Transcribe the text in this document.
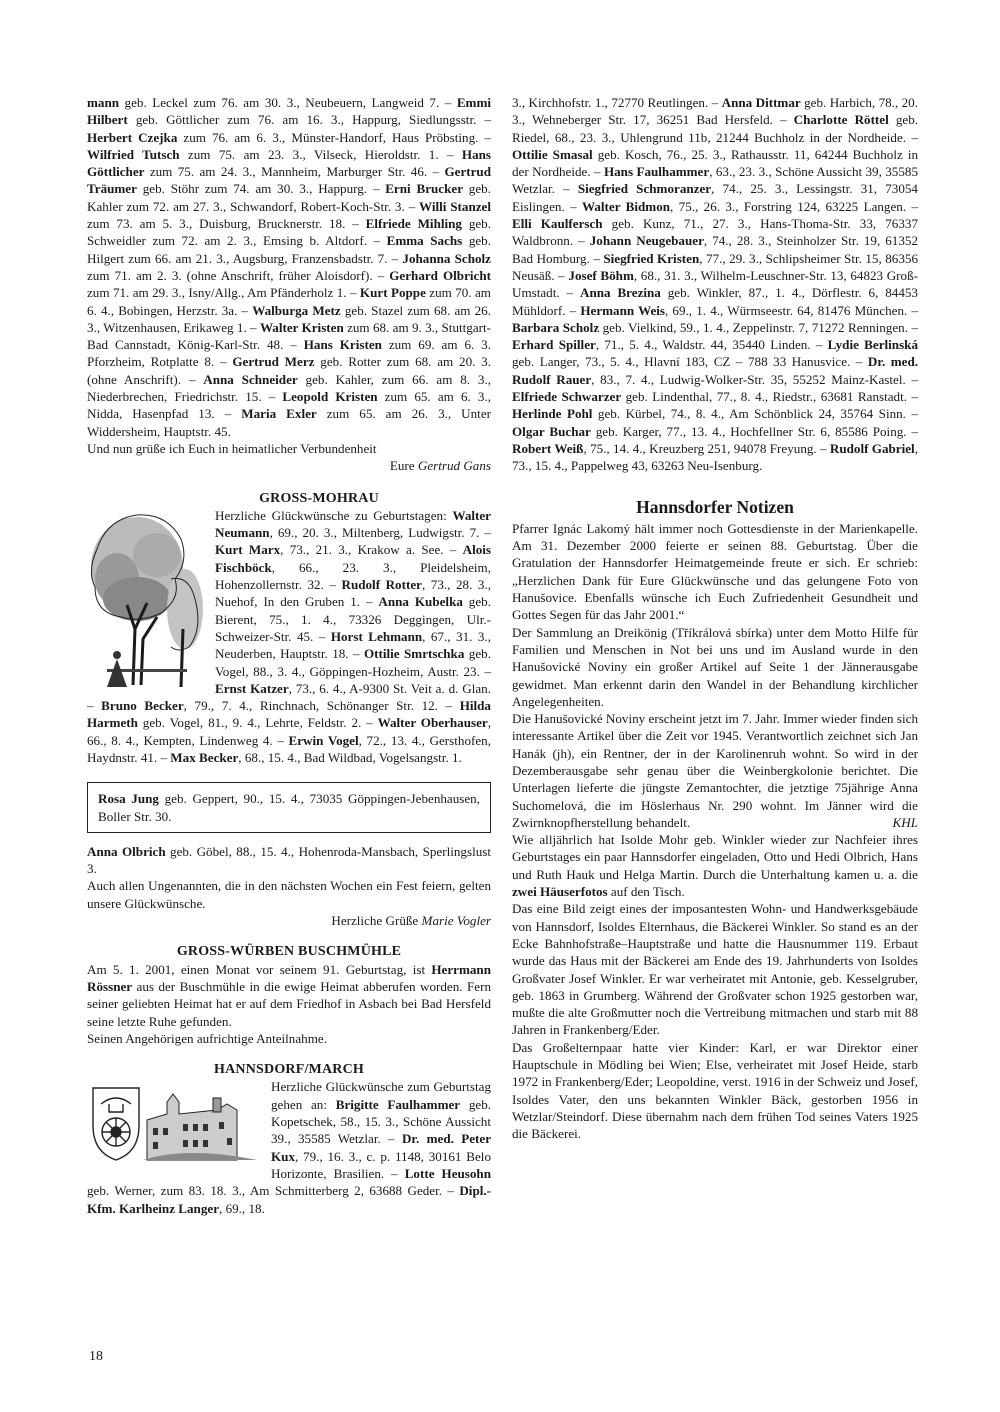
mann geb. Leckel zum 76. am 30. 3., Neubeuern, Langweid 7. – Emmi Hilbert geb. Göttlicher zum 76. am 16. 3., Happurg, Siedlungsstr. – Herbert Czejka zum 76. am 6. 3., Münster-Handorf, Haus Pröbsting. – Wilfried Tutsch zum 75. am 23. 3., Vilseck, Hieroldstr. 1. – Hans Göttlicher zum 75. am 24. 3., Mannheim, Marburger Str. 46. – Gertrud Träumer geb. Stöhr zum 74. am 30. 3., Happurg. – Erni Brucker geb. Kahler zum 72. am 27. 3., Schwandorf, Robert-Koch-Str. 3. – Willi Stanzel zum 73. am 5. 3., Duisburg, Brucknerstr. 18. – Elfriede Mihling geb. Schweidler zum 72. am 2. 3., Emsing b. Altdorf. – Emma Sachs geb. Hilgert zum 66. am 21. 3., Augsburg, Franzensbadstr. 7. – Johanna Scholz zum 71. am 2. 3. (ohne Anschrift, früher Aloisdorf). – Gerhard Olbricht zum 71. am 29. 3., Isny/Allg., Am Pfänderholz 1. – Kurt Poppe zum 70. am 6. 4., Bobingen, Herzstr. 3a. – Walburga Metz geb. Stazel zum 68. am 26. 3., Witzenhausen, Erikaweg 1. – Walter Kristen zum 68. am 9. 3., Stuttgart-Bad Cannstadt, König-Karl-Str. 48. – Hans Kristen zum 69. am 6. 3. Pforzheim, Rotplatte 8. – Gertrud Merz geb. Rotter zum 68. am 20. 3. (ohne Anschrift). – Anna Schneider geb. Kahler, zum 66. am 8. 3., Niederbrechen, Friedrichstr. 15. – Leopold Kristen zum 65. am 6. 3., Nidda, Hasenpfad 13. – Maria Exler zum 65. am 26. 3., Unter Widdersheim, Hauptstr. 45.

Und nun grüße ich Euch in heimatlicher Verbundenheit

Eure Gertrud Gans

GROSS-MOHRAU

Herzliche Glückwünsche zu Geburtstagen: Walter Neumann, 69., 20. 3., Miltenberg, Ludwigstr. 7. – Kurt Marx, 73., 21. 3., Krakow a. See. – Alois Fischböck, 66., 23. 3., Pleidelsheim, Hohenzollernstr. 32. – Rudolf Rotter, 73., 28. 3., Nuehof, In den Gruben 1. – Anna Kubelka geb. Bierent, 75., 1. 4., 73326 Deggingen, Ulr.-Schweizer-Str. 45. – Horst Lehmann, 67., 31. 3., Neuderben, Hauptstr. 18. – Ottilie Smrtschka geb. Vogel, 88., 3. 4., Göppingen-Hozheim, Austr. 23. – Ernst Katzer, 73., 6. 4., A-9300 St. Veit a. d. Glan. – Bruno Becker, 79., 7. 4., Rinchnach, Schönanger Str. 12. – Hilda Harmeth geb. Vogel, 81., 9. 4., Lehrte, Feldstr. 2. – Walter Oberhauser, 66., 8. 4., Kempten, Lindenweg 4. – Erwin Vogel, 72., 13. 4., Gersthofen, Haydnstr. 41. – Max Becker, 68., 15. 4., Bad Wildbad, Vogelsangstr. 1.

Rosa Jung geb. Geppert, 90., 15. 4., 73035 Göppingen-Jebenhausen, Boller Str. 30.

Anna Olbrich geb. Göbel, 88., 15. 4., Hohenroda-Mansbach, Sperlingslust 3.

Auch allen Ungenannten, die in den nächsten Wochen ein Fest feiern, gelten unsere Glückwünsche.

Herzliche Grüße Marie Vogler

GROSS-WÜRBEN BUSCHMÜHLE

Am 5. 1. 2001, einen Monat vor seinem 91. Geburtstag, ist Herrmann Rössner aus der Buschmühle in die ewige Heimat abberufen worden. Fern seiner geliebten Heimat hat er auf dem Friedhof in Asbach bei Bad Hersfeld seine letzte Ruhe gefunden.

Seinen Angehörigen aufrichtige Anteilnahme.

HANNSDORF/MARCH

Herzliche Glückwünsche zum Geburtstag gehen an: Brigitte Faulhammer geb. Kopetschek, 58., 15. 3., Schöne Aussicht 39., 35585 Wetzlar. – Dr. med. Peter Kux, 79., 16. 3., c. p. 1148, 30161 Belo Horizonte, Brasilien. – Lotte Heusohn geb. Werner, zum 83. 18. 3., Am Schmitterberg 2, 63688 Geder. – Dipl.-Kfm. Karlheinz Langer, 69., 18.

3., Kirchhofstr. 1., 72770 Reutlingen. – Anna Dittmar geb. Harbich, 78., 20. 3., Wehneberger Str. 17, 36251 Bad Hersfeld. – Charlotte Röttel geb. Riedel, 68., 23. 3., Uhlengrund 11b, 21244 Buchholz in der Nordheide. – Ottilie Smasal geb. Kosch, 76., 25. 3., Rathausstr. 11, 64244 Buchholz in der Nordheide. – Hans Faulhammer, 63., 23. 3., Schöne Aussicht 39, 35585 Wetzlar. – Siegfried Schmoranzer, 74., 25. 3., Lessingstr. 31, 73054 Eislingen. – Walter Bidmon, 75., 26. 3., Forstring 124, 63225 Langen. – Elli Kaulfersch geb. Kunz, 71., 27. 3., Hans-Thoma-Str. 33, 76337 Waldbronn. – Johann Neugebauer, 74., 28. 3., Steinholzer Str. 19, 61352 Bad Homburg. – Siegfried Kristen, 77., 29. 3., Schlipsheimer Str. 15, 86356 Neusäß. – Josef Böhm, 68., 31. 3., Wilhelm-Leuschner-Str. 13, 64823 Groß-Umstadt. – Anna Brezina geb. Winkler, 87., 1. 4., Dörflestr. 6, 84453 Mühldorf. – Hermann Weis, 69., 1. 4., Würmseestr. 64, 81476 München. – Barbara Scholz geb. Vielkind, 59., 1. 4., Zeppelinstr. 7, 71272 Renningen. – Erhard Spiller, 71., 5. 4., Waldstr. 44, 35440 Linden. – Lydie Berlinská geb. Langer, 73., 5. 4., Hlavní 183, CZ – 788 33 Hanusvice. – Dr. med. Rudolf Rauer, 83., 7. 4., Ludwig-Wolker-Str. 35, 55252 Mainz-Kastel. – Elfriede Schwarzer geb. Lindenthal, 77., 8. 4., Riedstr., 63681 Ranstadt. – Herlinde Pohl geb. Kürbel, 74., 8. 4., Am Schönblick 24, 35764 Sinn. – Olgar Buchar geb. Karger, 77., 13. 4., Hochfellner Str. 6, 85586 Poing. – Robert Weiß, 75., 14. 4., Kreuzberg 251, 94078 Freyung. – Rudolf Gabriel, 73., 15. 4., Pappelweg 43, 63263 Neu-Isenburg.

Hannsdorfer Notizen

Pfarrer Ignác Lakomý hält immer noch Gottesdienste in der Marienkapelle. Am 31. Dezember 2000 feierte er seinen 88. Geburtstag. Über die Gratulation der Hannsdorfer Heimatgemeinde freute er sich. Er schrieb: „Herzlichen Dank für Eure Glückwünsche und das gelungene Foto von Hanušovice. Ebenfalls wünsche ich Euch Zufriedenheit Gesundheit und Gottes Segen für das Jahr 2001.“

Der Sammlung an Dreikönig (Tříkrálová sbírka) unter dem Motto Hilfe für Familien und Menschen in Not bei uns und im Ausland wurde in den Hanušovické Noviny ein großer Artikel auf Seite 1 der Jännerausgabe gewidmet. Man erkennt darin den Wandel in der Behandlung kirchlicher Angelegenheiten.

Die Hanušovické Noviny erscheint jetzt im 7. Jahr. Immer wieder finden sich interessante Artikel über die Zeit vor 1945. Verantwortlich zeichnet sich Jan Hanák (jh), ein Rentner, der in der Karolinenruh wohnt. So wird in der Dezemberausgabe sehr genau über die Weinbergkolonie berichtet. Die Unterlagen lieferte die jüngste Zemantochter, die jetztige 75jährige Anna Suchomelová, die im Höslerhaus Nr. 290 wohnt. Im Jänner wird die Zwirnknopfherstellung behandelt.	KHL

Wie alljährlich hat Isolde Mohr geb. Winkler wieder zur Nachfeier ihres Geburtstages ein paar Hannsdorfer eingeladen, Otto und Hedi Olbrich, Hans und Ruth Hauk und Helga Martin. Durch die Unterhaltung kamen u. a. die zwei Häuserfotos auf den Tisch.

Das eine Bild zeigt eines der imposantesten Wohn- und Handwerksgebäude von Hannsdorf, Isoldes Elternhaus, die Bäckerei Winkler. So stand es an der Ecke Bahnhofstraße–Hauptstraße und hatte die Hausnummer 119. Erbaut wurde das Haus mit der Bäckerei am Ende des 19. Jahrhunderts von Isoldes Großvater Josef Winkler. Er war verheiratet mit Antonie, geb. Kesselgruber, geb. 1863 in Grumberg. Während der Großvater schon 1925 gestorben war, mußte die alte Großmutter noch die Vertreibung mitmachen und starb mit 88 Jahren in Frankenberg/Eder.

Das Großelternpaar hatte vier Kinder: Karl, er war Direktor einer Hauptschule in Mödling bei Wien; Else, verheiratet mit Josef Heide, starb 1972 in Frankenberg/Eder; Leopoldine, verst. 1916 in der Schweiz und Josef, Isoldes Vater, den uns bekannten Winkler Bäck, gestorben 1956 in Wetzlar/Steindorf. Diese übernahm nach dem frühen Tod seines Vaters 1925 die Bäckerei.

18
